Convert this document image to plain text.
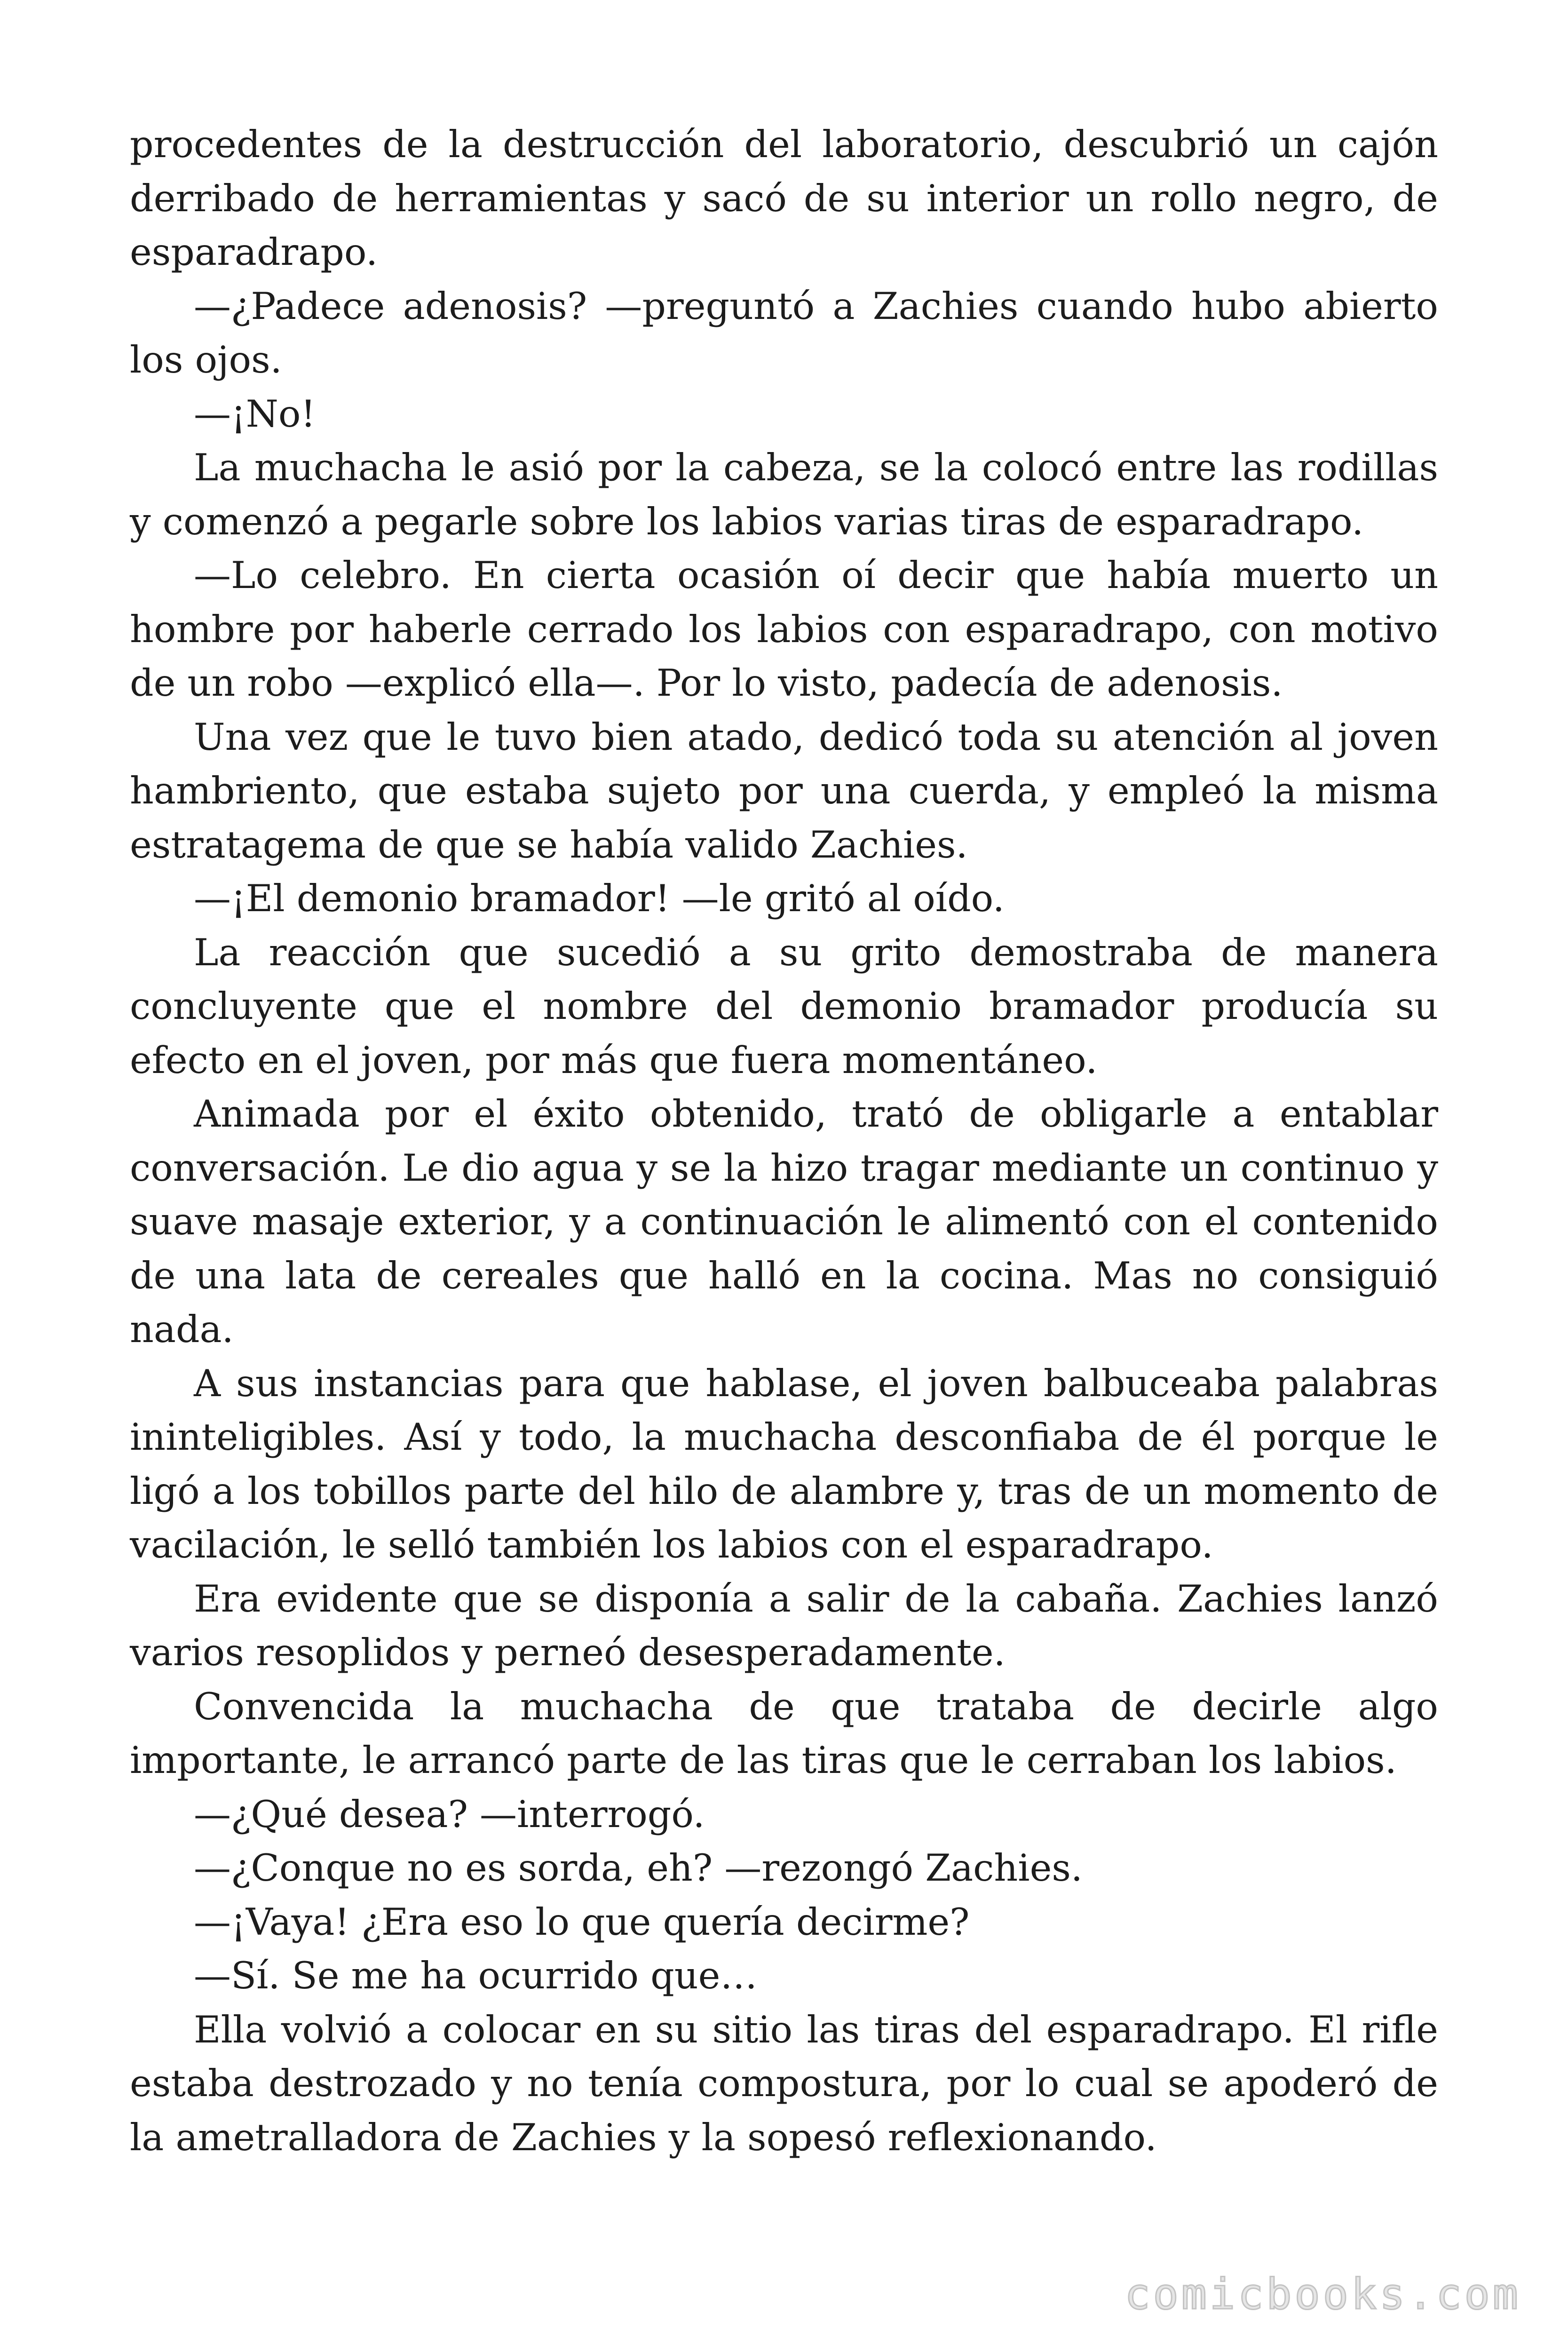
procedentes de la destrucción del laboratorio, descubrió un cajón derribado de herramientas y sacó de su interior un rollo negro, de esparadrapo.

—¿Padece adenosis? —preguntó a Zachies cuando hubo abierto los ojos.

—¡No!

La muchacha le asió por la cabeza, se la colocó entre las rodillas y comenzó a pegarle sobre los labios varias tiras de esparadrapo.

—Lo celebro. En cierta ocasión oí decir que había muerto un hombre por haberle cerrado los labios con esparadrapo, con motivo de un robo —explicó ella—. Por lo visto, padecía de adenosis.

Una vez que le tuvo bien atado, dedicó toda su atención al joven hambriento, que estaba sujeto por una cuerda, y empleó la misma estratagema de que se había valido Zachies.

—¡El demonio bramador! —le gritó al oído.

La reacción que sucedió a su grito demostraba de manera concluyente que el nombre del demonio bramador producía su efecto en el joven, por más que fuera momentáneo.

Animada por el éxito obtenido, trató de obligarle a entablar conversación. Le dio agua y se la hizo tragar mediante un continuo y suave masaje exterior, y a continuación le alimentó con el contenido de una lata de cereales que halló en la cocina. Mas no consiguió nada.

A sus instancias para que hablase, el joven balbuceaba palabras ininteligibles. Así y todo, la muchacha desconfiaba de él porque le ligó a los tobillos parte del hilo de alambre y, tras de un momento de vacilación, le selló también los labios con el esparadrapo.

Era evidente que se disponía a salir de la cabaña. Zachies lanzó varios resoplidos y perneó desesperadamente.

Convencida la muchacha de que trataba de decirle algo importante, le arrancó parte de las tiras que le cerraban los labios.

—¿Qué desea? —interrogó.

—¿Conque no es sorda, eh? —rezongó Zachies.

—¡Vaya! ¿Era eso lo que quería decirme?

—Sí. Se me ha ocurrido que…

Ella volvió a colocar en su sitio las tiras del esparadrapo. El rifle estaba destrozado y no tenía compostura, por lo cual se apoderó de la ametralladora de Zachies y la sopesó reflexionando.

comicbooks.com
